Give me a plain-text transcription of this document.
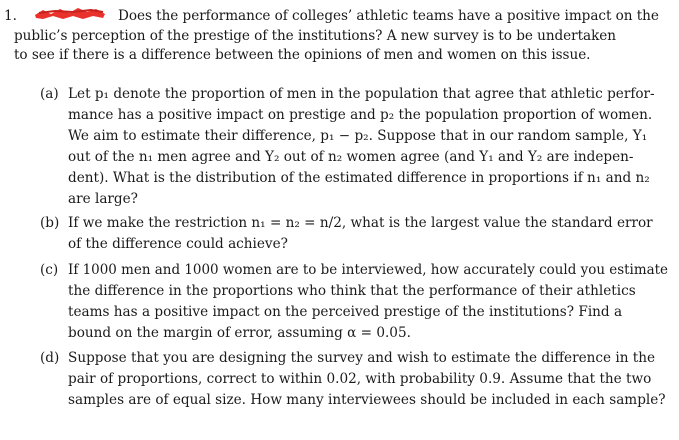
1.	Does the performance of colleges’ athletic teams have a positive impact on the
public’s perception of the prestige of the institutions? A new survey is to be undertaken
to see if there is a difference between the opinions of men and women on this issue.
(a) Let p₁ denote the proportion of men in the population that agree that athletic perfor-
mance has a positive impact on prestige and p₂ the population proportion of women.
We aim to estimate their difference, p₁ − p₂. Suppose that in our random sample, Y₁
out of the n₁ men agree and Y₂ out of n₂ women agree (and Y₁ and Y₂ are indepen-
dent). What is the distribution of the estimated difference in proportions if n₁ and n₂
are large?
(b) If we make the restriction n₁ = n₂ = n/2, what is the largest value the standard error
of the difference could achieve?
(c) If 1000 men and 1000 women are to be interviewed, how accurately could you estimate
the difference in the proportions who think that the performance of their athletics
teams has a positive impact on the perceived prestige of the institutions? Find a
bound on the margin of error, assuming α = 0.05.
(d) Suppose that you are designing the survey and wish to estimate the difference in the
pair of proportions, correct to within 0.02, with probability 0.9. Assume that the two
samples are of equal size. How many interviewees should be included in each sample?
